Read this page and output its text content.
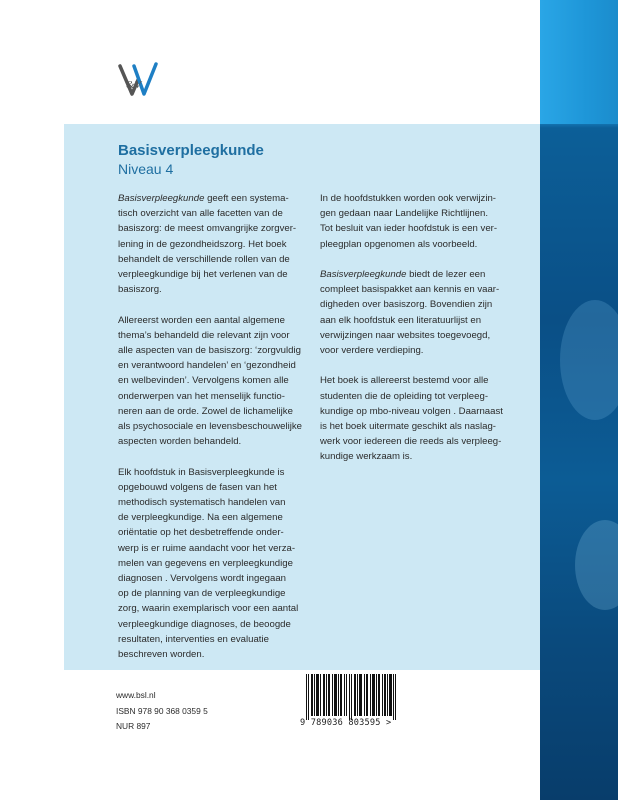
&V
Basisverpleegkunde
Niveau 4

Basisverpleegkunde geeft een systema-
tisch overzicht van alle facetten van de
basiszorg: de meest omvangrijke zorgver-
lening in de gezondheidszorg. Het boek
behandelt de verschillende rollen van de
verpleegkundige bij het verlenen van de
basiszorg.

Allereerst worden een aantal algemene
thema’s behandeld die relevant zijn voor
alle aspecten van de basiszorg: ‘zorgvuldig
en verantwoord handelen’ en ‘gezondheid
en welbevinden’. Vervolgens komen alle
onderwerpen van het menselijk functio-
neren aan de orde. Zowel de lichamelijke
als psychosociale en levensbeschouwelijke
aspecten worden behandeld.

Elk hoofdstuk in Basisverpleegkunde is
opgebouwd volgens de fasen van het
methodisch systematisch handelen van
de verpleegkundige. Na een algemene
oriëntatie op het desbetreffende onder-
werp is er ruime aandacht voor het verza-
melen van gegevens en verpleegkundige
diagnosen . Vervolgens wordt ingegaan
op de planning van de verpleegkundige
zorg, waarin exemplarisch voor een aantal
verpleegkundige diagnoses, de beoogde
resultaten, interventies en evaluatie
beschreven worden.

In de hoofdstukken worden ook verwijzin-
gen gedaan naar Landelijke Richtlijnen.
Tot besluit van ieder hoofdstuk is een ver-
pleegplan opgenomen als voorbeeld.

Basisverpleegkunde biedt de lezer een
compleet basispakket aan kennis en vaar-
digheden over basiszorg. Bovendien zijn
aan elk hoofdstuk een literatuurlijst en
verwijzingen naar websites toegevoegd,
voor verdere verdieping.

Het boek is allereerst bestemd voor alle
studenten die de opleiding tot verpleeg-
kundige op mbo-niveau volgen . Daarnaast
is het boek uitermate geschikt als naslag-
werk voor iedereen die reeds als verpleeg-
kundige werkzaam is.

www.bsl.nl
ISBN 978 90 368 0359 5
NUR 897	9 789036 803595 >
